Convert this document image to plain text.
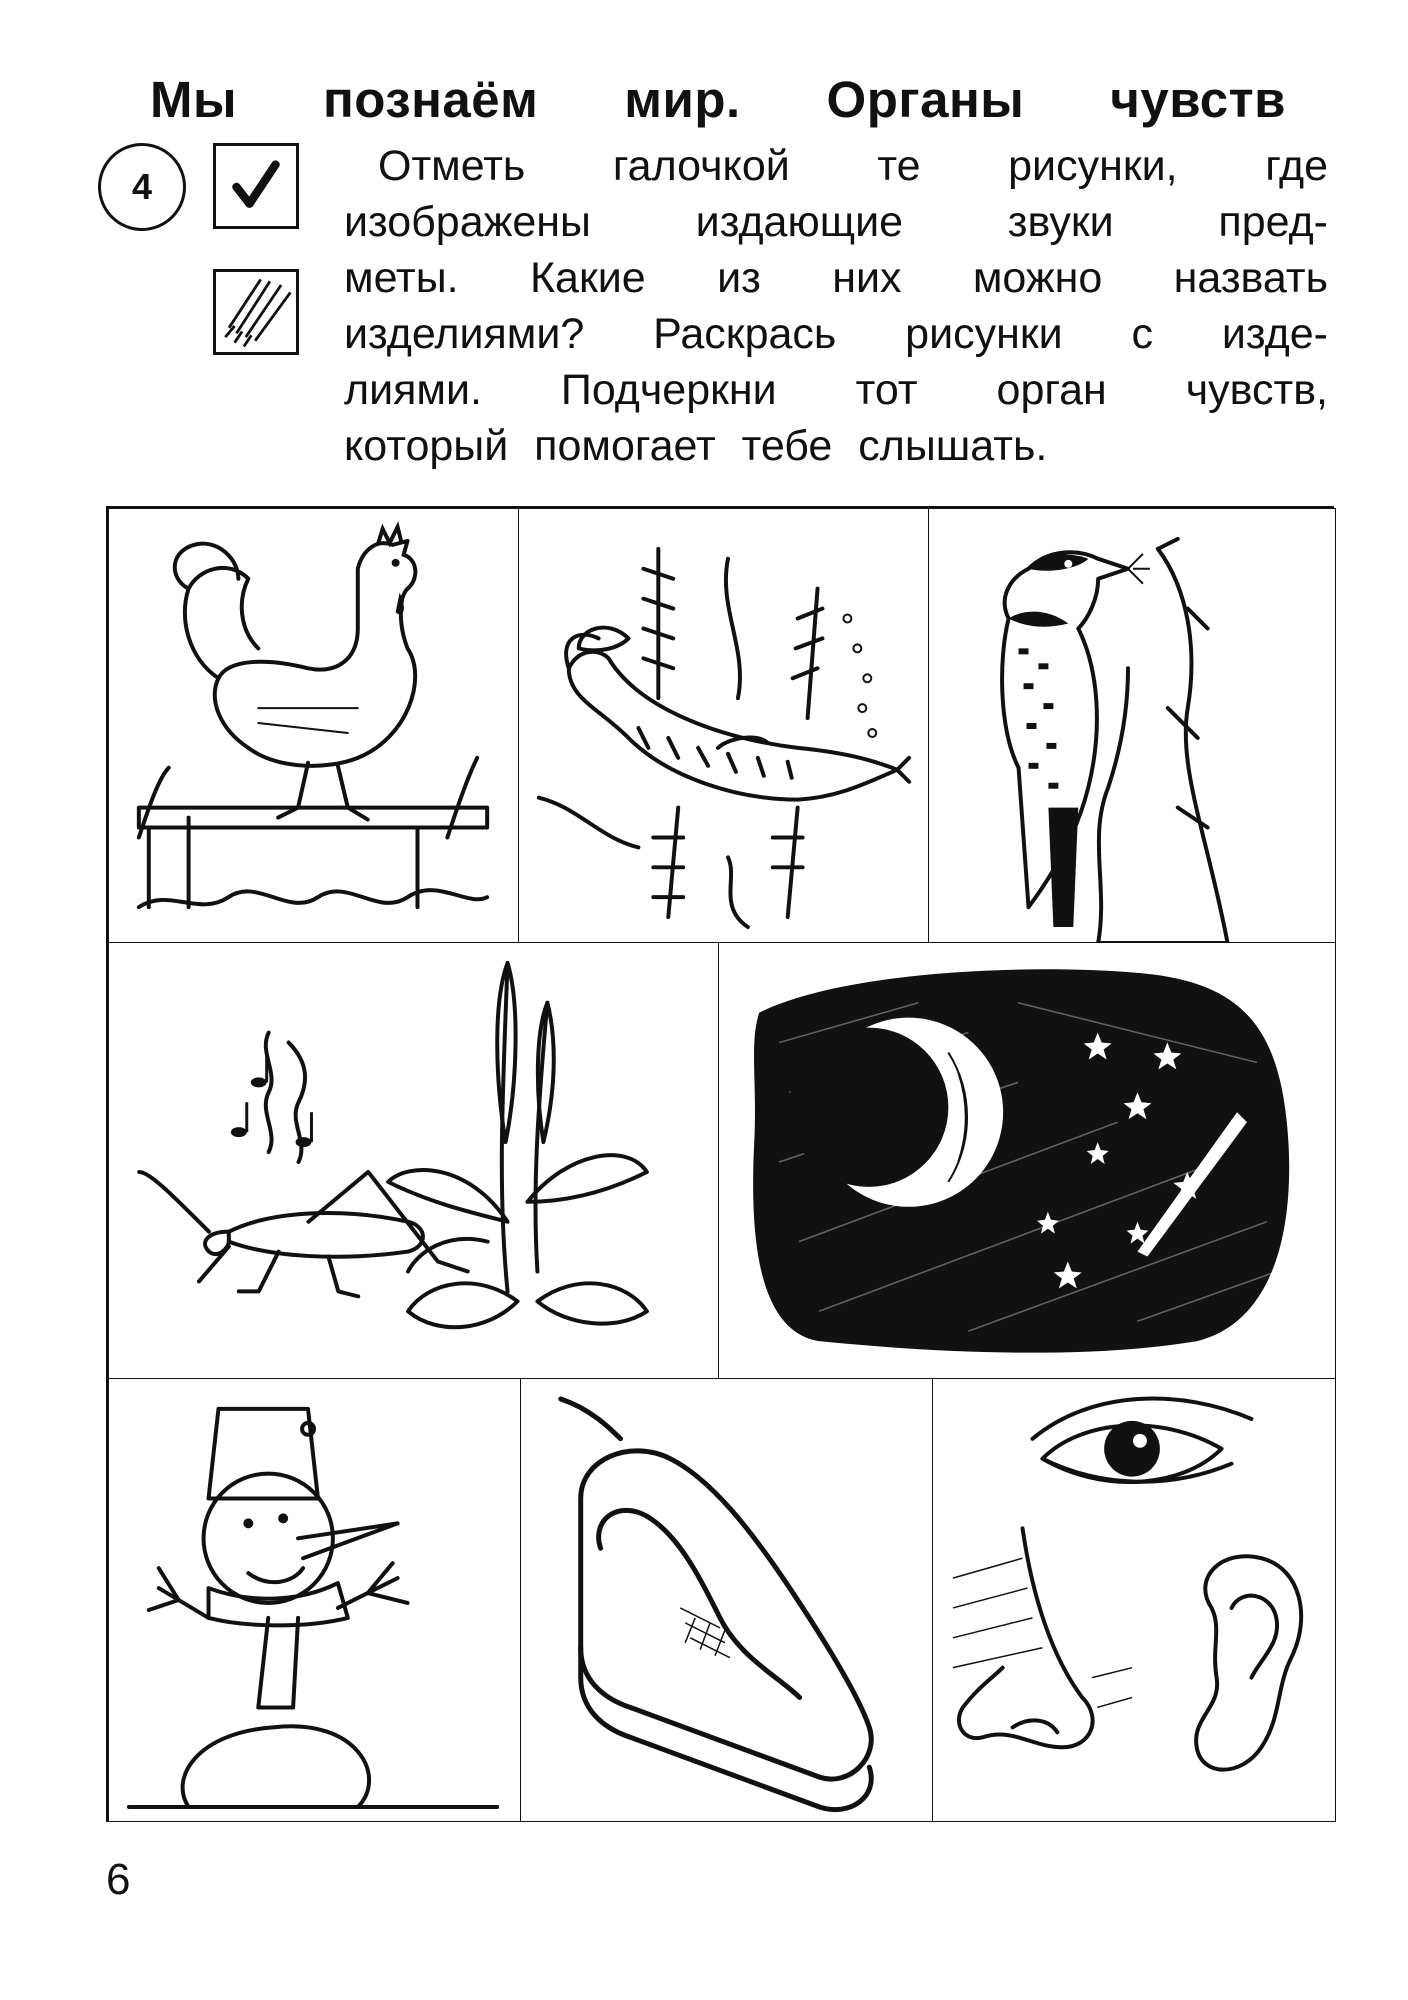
Мы познаём мир. Органы чувств
4	Отметь галочкой те рисунки, где
изображены издающие звуки пред-
меты. Какие из них можно назвать
изделиями? Раскрась рисунки с изде-
лиями. Подчеркни тот орган чувств,
который помогает тебе слышать.
6
